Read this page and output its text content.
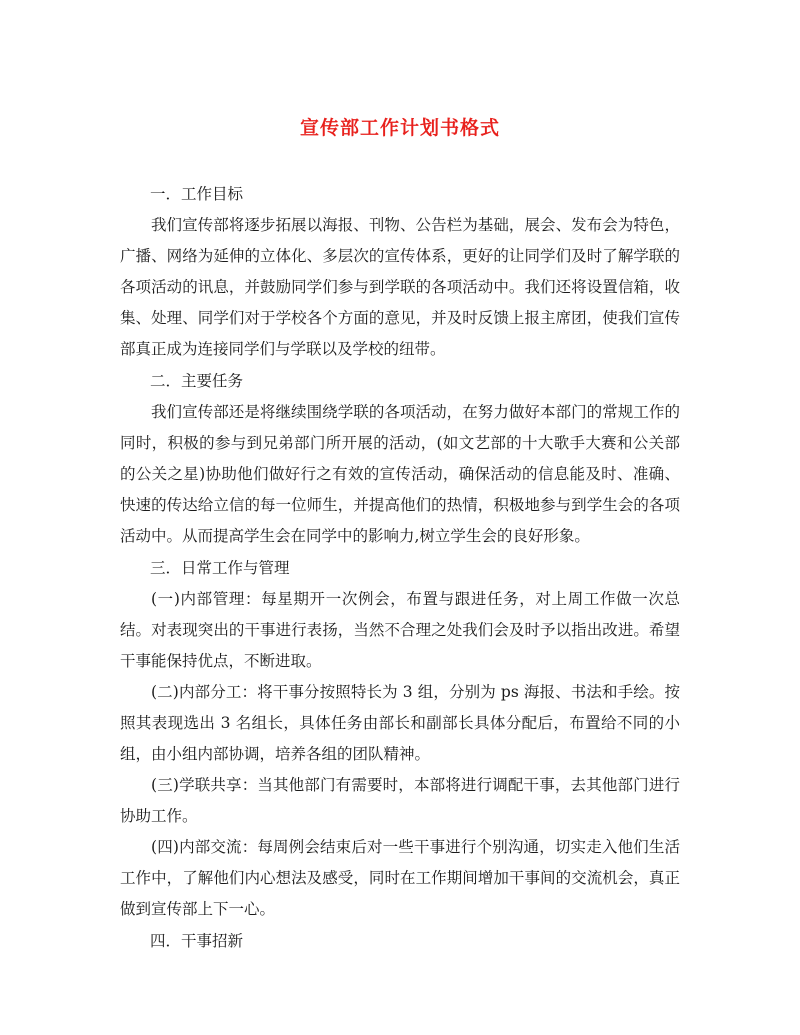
宣传部工作计划书格式
一．工作目标
我们宣传部将逐步拓展以海报、刊物、公告栏为基础，展会、发布会为特色，广播、网络为延伸的立体化、多层次的宣传体系，更好的让同学们及时了解学联的各项活动的讯息，并鼓励同学们参与到学联的各项活动中。我们还将设置信箱，收集、处理、同学们对于学校各个方面的意见，并及时反馈上报主席团，使我们宣传部真正成为连接同学们与学联以及学校的纽带。
二．主要任务
我们宣传部还是将继续围绕学联的各项活动，在努力做好本部门的常规工作的同时，积极的参与到兄弟部门所开展的活动，(如文艺部的十大歌手大赛和公关部的公关之星)协助他们做好行之有效的宣传活动，确保活动的信息能及时、准确、快速的传达给立信的每一位师生，并提高他们的热情，积极地参与到学生会的各项活动中。从而提高学生会在同学中的影响力,树立学生会的良好形象。
三．日常工作与管理
(一)内部管理：每星期开一次例会，布置与跟进任务，对上周工作做一次总结。对表现突出的干事进行表扬，当然不合理之处我们会及时予以指出改进。希望干事能保持优点，不断进取。
(二)内部分工：将干事分按照特长为 3 组，分别为 ps 海报、书法和手绘。按照其表现选出 3 名组长，具体任务由部长和副部长具体分配后，布置给不同的小组，由小组内部协调，培养各组的团队精神。
(三)学联共享：当其他部门有需要时，本部将进行调配干事，去其他部门进行协助工作。
(四)内部交流：每周例会结束后对一些干事进行个别沟通，切实走入他们生活工作中，了解他们内心想法及感受，同时在工作期间增加干事间的交流机会，真正做到宣传部上下一心。
四．干事招新
